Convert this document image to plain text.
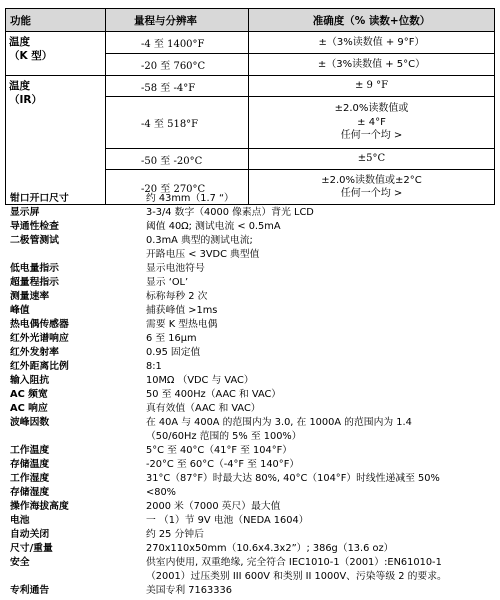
功能	量程与分辨率	准确度（% 读数+位数）
温度
（K 型）	-4 至 1400°F	±（3%读数值 + 9°F）
	-20 至 760°C	±（3%读数值 + 5°C）
温度
（IR）	-58 至 -4°F	± 9 °F
	-4 至 518°F	±2.0%读数值或
± 4°F
任何一个均 >
	-50 至 -20°C	±5°C
	-20 至 270°C	±2.0%读数值或±2°C
任何一个均 >
钳口开口尺寸	约 43mm（1.7 “）
显示屏	3-3/4 数字（4000 像素点）背光 LCD
导通性检查	阈值 40Ω; 测试电流 < 0.5mA
二极管测试	0.3mA 典型的测试电流;
开路电压 < 3VDC 典型值
低电量指示	显示电池符号
超量程指示	显示 ‘OL’
测量速率	标称每秒 2 次
峰值	捕获峰值 >1ms
热电偶传感器	需要 K 型热电偶
红外光谱响应	6 至 16μm
红外发射率	0.95 固定值
红外距离比例	8:1
输入阻抗	10MΩ （VDC 与 VAC）
AC 频宽	50 至 400Hz（AAC 和 VAC）
AC 响应	真有效值（AAC 和 VAC）
波峰因数	在 40A 与 400A 的范围内为 3.0, 在 1000A 的范围内为 1.4
（50/60Hz 范围的 5% 至 100%）
工作温度	5°C 至 40°C（41°F 至 104°F）
存储温度	-20°C 至 60°C（-4°F 至 140°F）
工作湿度	31°C（87°F）时最大达 80%, 40°C（104°F）时线性递减至 50%
存储湿度	<80%
操作海拔高度	2000 米（7000 英尺）最大值
电池	一 （1）节 9V 电池（NEDA 1604）
自动关闭	约 25 分钟后
尺寸/重量	270x110x50mm（10.6x4.3x2”）; 386g（13.6 oz）
安全	供室内使用, 双重绝缘, 完全符合 IEC1010-1（2001）:EN61010-1
（2001）过压类别 III 600V 和类别 II 1000V、污染等级 2 的要求。
专利通告	美国专利 7163336
